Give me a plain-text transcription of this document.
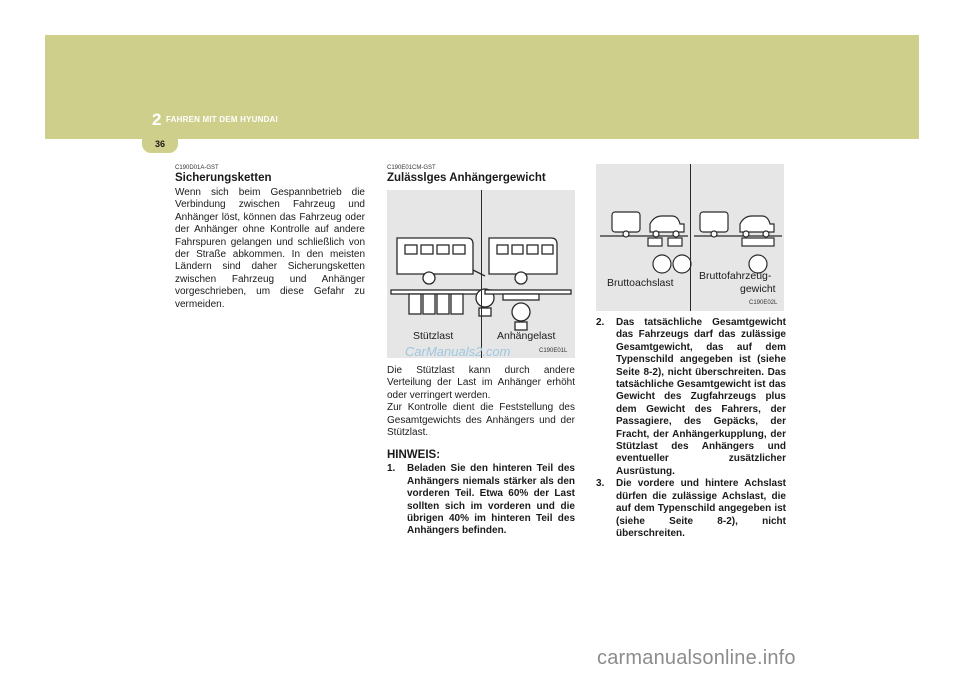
2 FAHREN MIT DEM HYUNDAI
36

C190D01A-GST

Sicherungsketten

Wenn sich beim Gespannbetrieb die Verbindung zwischen Fahrzeug und Anhänger löst, können das Fahrzeug oder der Anhänger ohne Kontrolle auf andere Fahrspuren gelangen und schließlich von der Straße abkommen. In den meisten Ländern sind daher Sicherungsketten zwischen Fahrzeug und Anhänger vorgeschrieben, um diese Gefahr zu vermeiden.

C190E01CM-GST

Zulässlges Anhängergewicht
Stützlast	Anhängelast
C190E01L

Die Stützlast kann durch andere Verteilung der Last im Anhänger erhöht oder verringert werden.

Zur Kontrolle dient die Feststellung des Gesamtgewichts des Anhängers und der Stützlast.

HINWEIS:
1. Beladen Sie den hinteren Teil des Anhängers niemals stärker als den vorderen Teil. Etwa 60% der Last sollten sich im vorderen und die übrigen 40% im hinteren Teil des Anhängers befinden.
Bruttoachslast
Bruttofahrzeug-
gewicht
C190E02L
2. Das tatsächliche Gesamtgewicht das Fahrzeugs darf das zulässige Gesamtgewicht, das auf dem Typenschild angegeben ist (siehe Seite 8-2), nicht überschreiten. Das tatsächliche Gesamtgewicht ist das Gewicht des Zugfahrzeugs plus dem Gewicht des Fahrers, der Passagiere, des Gepäcks, der Fracht, der Anhängerkupplung, der Stützlast des Anhängers und eventueller zusätzlicher Ausrüstung.
3. Die vordere und hintere Achslast dürfen die zulässige Achslast, die auf dem Typenschild angegeben ist (siehe Seite 8-2), nicht überschreiten.
CarManuals2.com
carmanualsonline.info
